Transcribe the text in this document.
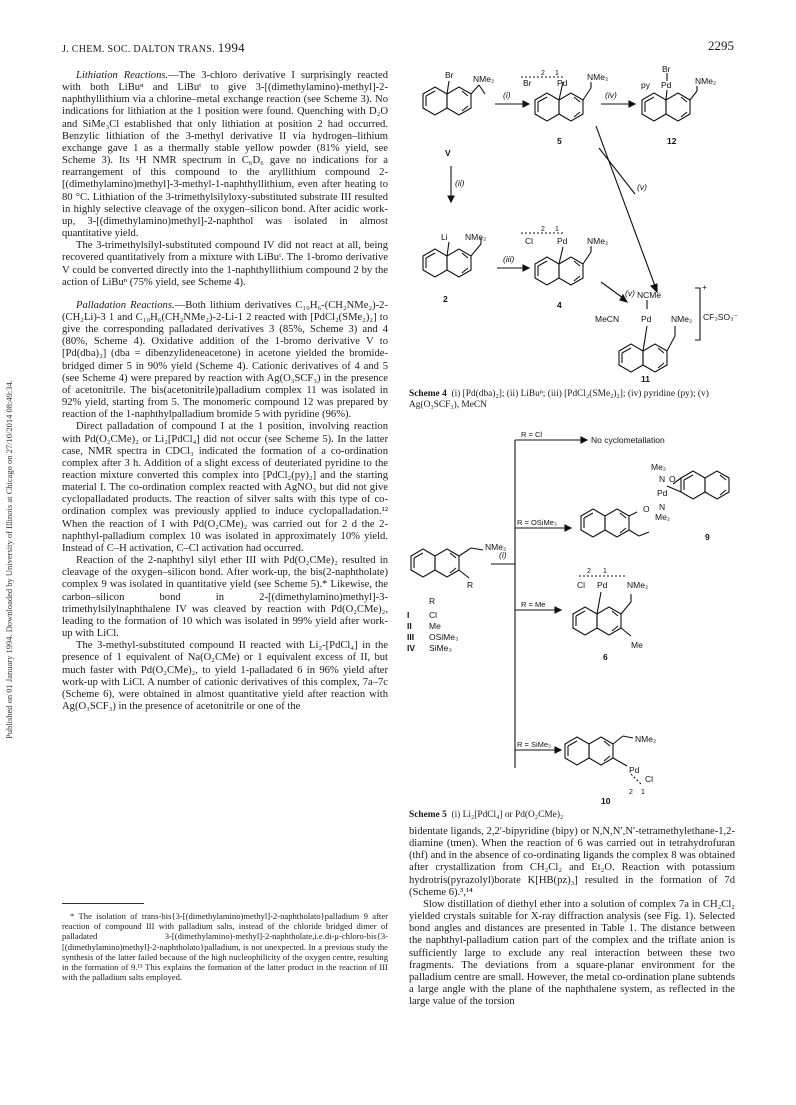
J. CHEM. SOC. DALTON TRANS. 1994	2295
Published on 01 January 1994. Downloaded by University of Illinois at Chicago on 27/10/2014 08:49:34.

Lithiation Reactions.—The 3-chloro derivative I surprisingly reacted with both LiBuⁿ and LiBuᵗ to give 3-[(dimethylamino)-methyl]-2-naphthyllithium via a chlorine–metal exchange reaction (see Scheme 3). No indications for lithiation at the 1 position were found. Quenching with D₂O and SiMe₃Cl established that only lithiation at position 2 had occurred. Benzylic lithiation of the 3-methyl derivative II via hydrogen–lithium exchange gave 1 as a thermally stable yellow powder (81% yield, see Scheme 3). Its ¹H NMR spectrum in C₆D₆ gave no indications for a rearrangement of this compound to the aryllithium compound 2-[(dimethylamino)methyl]-3-methyl-1-naphthyllithium, even after heating to 80 °C. Lithiation of the 3-trimethylsilyloxy-substituted substrate III resulted in highly selective cleavage of the oxygen–silicon bond. After acidic work-up, 3-[(dimethylamino)methyl]-2-naphthol was isolated in almost quantitative yield.

The 3-trimethylsilyl-substituted compound IV did not react at all, being recovered quantitatively from a mixture with LiBuᵗ. The 1-bromo derivative V could be converted directly into the 1-naphthyllithium compound 2 by the action of LiBuⁿ (75% yield, see Scheme 4).

Palladation Reactions.—Both lithium derivatives C₁₀H₆-(CH₂NMe₂)-2-(CH₂Li)-3 1 and C₁₀H₆(CH₂NMe₂)-2-Li-1 2 reacted with [PdCl₂(SMe₂)₂] to give the corresponding palladated derivatives 3 (85%, Scheme 3) and 4 (80%, Scheme 4). Oxidative addition of the 1-bromo derivative V to [Pd(dba)₂] (dba = dibenzylideneacetone) in acetone yielded the bromide-bridged dimer 5 in 90% yield (Scheme 4). Cationic derivatives of 4 and 5 (see Scheme 4) were prepared by reaction with Ag(O₃SCF₃) in the presence of acetonitrile. The bis(acetonitrile)palladium complex 11 was isolated in 92% yield, starting from 5. The monomeric compound 12 was prepared by reaction of the 1-naphthylpalladium bromide 5 with pyridine (96%).

Direct palladation of compound I at the 1 position, involving reaction with Pd(O₂CMe)₂ or Li₂[PdCl₄] did not occur (see Scheme 5). In the latter case, NMR spectra in CDCl₃ indicated the formation of a co-ordination complex after 3 h. Addition of a slight excess of deuteriated pyridine to the reaction mixture converted this complex into [PdCl₂(py)₂] and the starting material I. The co-ordination complex reacted with AgNO₃ but did not give cyclopalladated products. The reaction of silver salts with this type of co-ordination complex was previously applied to induce cyclopalladation.¹² When the reaction of I with Pd(O₂CMe)₂ was carried out for 2 d the 2-naphthyl-palladium complex 10 was isolated in approximately 10% yield. Instead of C–H activation, C–Cl activation had occurred.

Reaction of the 2-naphthyl silyl ether III with Pd(O₂CMe)₂ resulted in cleavage of the oxygen–silicon bond. After work-up, the bis(2-naphtholate) complex 9 was isolated in quantitative yield (see Scheme 5).* Likewise, the carbon–silicon bond in 2-[(dimethylamino)methyl]-3-trimethylsilylnaphthalene IV was cleaved by reaction with Pd(O₂CMe)₂, leading to the formation of 10 which was isolated in 99% yield after work-up with LiCl.

The 3-methyl-substituted compound II reacted with Li₂-[PdCl₄] in the presence of 1 equivalent of Na(O₂CMe) or 1 equivalent excess of II, but much faster with Pd(O₂CMe)₂, to yield 1-palladated 6 in 96% yield after work-up with LiCl. A number of cationic derivatives of this complex, 7a–7c (Scheme 6), were obtained in almost quantitative yield after reaction with Ag(O₃SCF₃) in the presence of acetonitrile or one of the

* The isolation of trans-bis{3-[(dimethylamino)methyl]-2-naphtholato}palladium 9 after reaction of compound III with palladium salts, instead of the chloride bridged dimer of palladated 3-[(dimethylamino)-methyl]-2-naphtholate,i.e.di-μ-chloro-bis{3-[(dimethylamino)methyl]-2-naphtholato}palladium, is not unexpected. In a previous study the synthesis of the latter failed because of the high nucleophilicity of the oxygen centre, resulting in the formation of 9.¹³ This explains the formation of the latter product in the reaction of III with the palladium salts employed.

Br NMe₂
V
(i)	(iv)
(ii)
(iii)
(v)
(v)
2 1
Br	Pd
NMe₂
5
Br
py Pd	NMe₂
12
Li NMe₂
2
2 1
Cl	Pd NMe₂
4
NCMe
MeCN	Pd NMe₂
+
CF₃SO₃⁻
11
Scheme 4 (i) [Pd(dba)₂]; (ii) LiBuⁿ; (iii) [PdCl₂(SMe₂)₂]; (iv) pyridine (py); (v) Ag(O₃SCF₃), MeCN
NMe₂
R
(i)
R
I Cl
II Me
III OSiMe₃
IV SiMe₃
R = Cl
No cyclometallation
R = OSiMe₃
R = Me
R = SiMe₃
Me₂
N O
Pd
O N
Me₂
9
2 1
Cl Pd NMe₂
Me
6
NMe₂
Pd
Cl
2 1
10
Scheme 5 (i) Li₂[PdCl₄] or Pd(O₂CMe)₂

bidentate ligands, 2,2′-bipyridine (bipy) or N,N,N′,N′-tetramethylethane-1,2-diamine (tmen). When the reaction of 6 was carried out in tetrahydrofuran (thf) and in the absence of co-ordinating ligands the complex 8 was obtained after crystallization from CH₂Cl₂ and Et₂O. Reaction with potassium hydrotris(pyrazolyl)borate K[HB(pz)₃] resulted in the formation of 7d (Scheme 6).³,¹⁴

Slow distillation of diethyl ether into a solution of complex 7a in CH₂Cl₂ yielded crystals suitable for X-ray diffraction analysis (see Fig. 1). Selected bond angles and distances are presented in Table 1. The distance between the naphthyl-palladium cation part of the complex and the triflate anion is sufficiently large to exclude any real interaction between these two fragments. The deviations from a square-planar environment for the palladium centre are small. However, the metal co-ordination plane subtends a large angle with the plane of the naphthalene system, as reflected in the large value of the torsion
